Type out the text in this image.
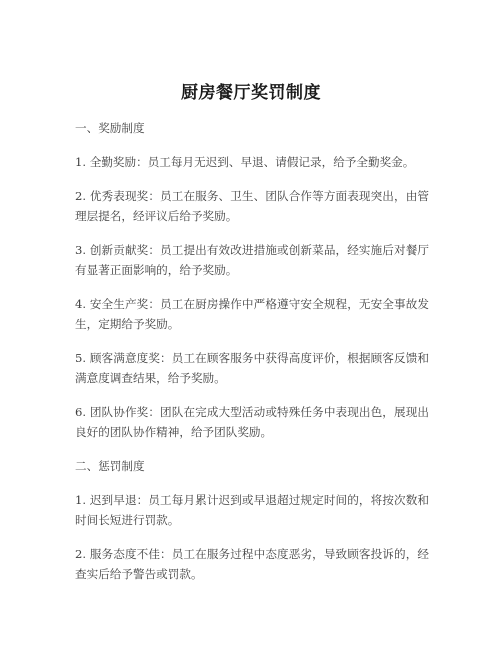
厨房餐厅奖罚制度

一、奖励制度

1. 全勤奖励：员工每月无迟到、早退、请假记录，给予全勤奖金。

2. 优秀表现奖：员工在服务、卫生、团队合作等方面表现突出，由管理层提名，经评议后给予奖励。

3. 创新贡献奖：员工提出有效改进措施或创新菜品，经实施后对餐厅有显著正面影响的，给予奖励。

4. 安全生产奖：员工在厨房操作中严格遵守安全规程，无安全事故发生，定期给予奖励。

5. 顾客满意度奖：员工在顾客服务中获得高度评价，根据顾客反馈和满意度调查结果，给予奖励。

6. 团队协作奖：团队在完成大型活动或特殊任务中表现出色，展现出良好的团队协作精神，给予团队奖励。

二、惩罚制度

1. 迟到早退：员工每月累计迟到或早退超过规定时间的，将按次数和时间长短进行罚款。

2. 服务态度不佳：员工在服务过程中态度恶劣，导致顾客投诉的，经查实后给予警告或罚款。
